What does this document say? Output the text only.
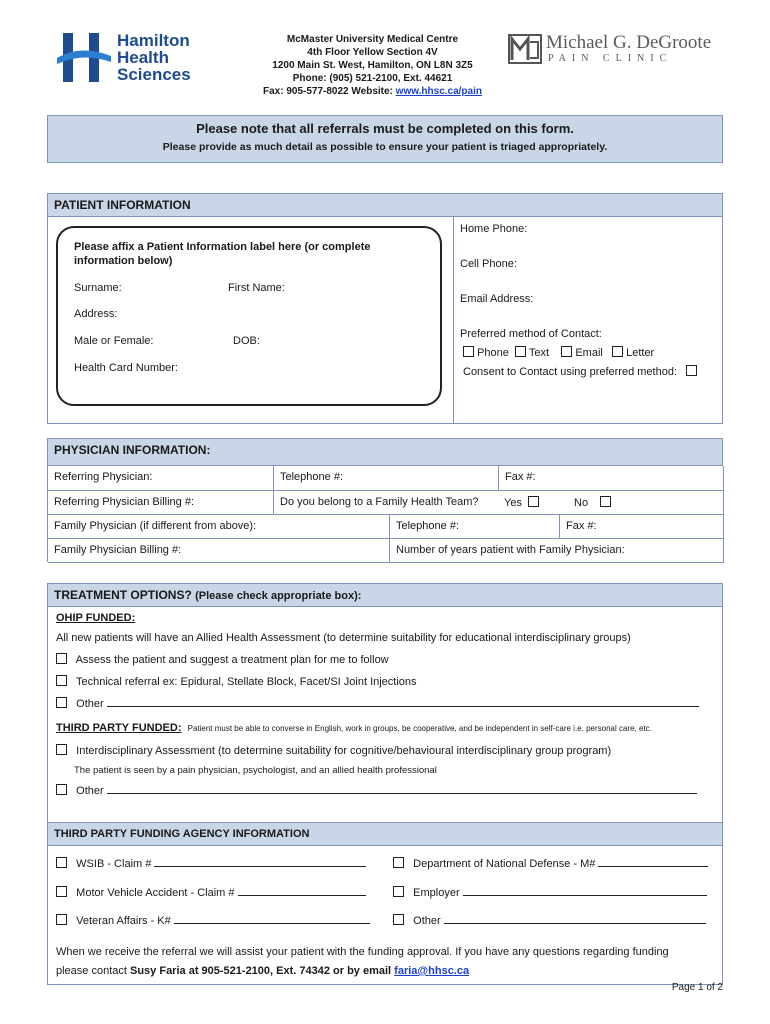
Hamilton
Health
Sciences
McMaster University Medical Centre
4th Floor Yellow Section 4V
1200 Main St. West, Hamilton, ON L8N 3Z5
Phone: (905) 521-2100, Ext. 44621
Fax: 905-577-8022 Website: www.hhsc.ca/pain
Michael G. DeGroote
PAIN CLINIC
Please note that all referrals must be completed on this form.
Please provide as much detail as possible to ensure your patient is triaged appropriately.
PATIENT INFORMATION
Please affix a Patient Information label here (or complete information below)
Surname:	First Name:
Address:
Male or Female:	DOB:
Health Card Number:
Home Phone:
Cell Phone:
Email Address:
Preferred method of Contact:
Phone Text Email Letter
Consent to Contact using preferred method:
PHYSICIAN INFORMATION:
Referring Physician:	Telephone #:	Fax #:
Referring Physician Billing #:	Do you belong to a Family Health Team? Yes	No
Family Physician (if different from above):	Telephone #:	Fax #:
Family Physician Billing #:	Number of years patient with Family Physician:
TREATMENT OPTIONS? (Please check appropriate box):
OHIP FUNDED:
All new patients will have an Allied Health Assessment (to determine suitability for educational interdisciplinary groups)
Assess the patient and suggest a treatment plan for me to follow
Technical referral ex: Epidural, Stellate Block, Facet/SI Joint Injections
Other
THIRD PARTY FUNDED: Patient must be able to converse in English, work in groups, be cooperative, and be independent in self-care i.e. personal care, etc.
Interdisciplinary Assessment (to determine suitability for cognitive/behavioural interdisciplinary group program)
The patient is seen by a pain physician, psychologist, and an allied health professional
Other
THIRD PARTY FUNDING AGENCY INFORMATION
WSIB - Claim #	Department of National Defense - M#
Motor Vehicle Accident - Claim #	Employer
Veteran Affairs - K#	Other
When we receive the referral we will assist your patient with the funding approval. If you have any questions regarding funding
please contact Susy Faria at 905-521-2100, Ext. 74342 or by email faria@hhsc.ca
Page 1 of 2
